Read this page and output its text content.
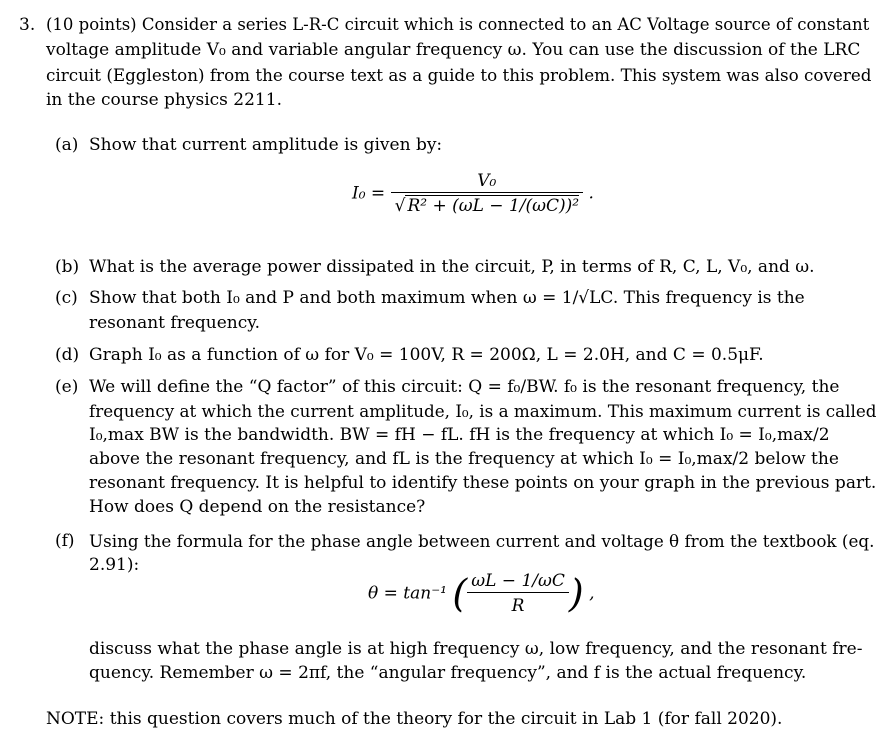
3. (10 points) Consider a series L-R-C circuit which is connected to an AC Voltage source of constant
voltage amplitude V₀ and variable angular frequency ω. You can use the discussion of the LRC
circuit (Eggleston) from the course text as a guide to this problem. This system was also covered
in the course physics 2211.
(a) Show that current amplitude is given by:
$I_0 = \frac{\text{V₀}}{\text{√ R² + (ωL − 1/(ωC))²}}$ .
(b) What is the average power dissipated in the circuit, P, in terms of R, C, L, V₀, and ω.
(c) Show that both I₀ and P and both maximum when ω = 1/√LC. This frequency is the
resonant frequency.
(d) Graph I₀ as a function of ω for V₀ = 100V, R = 200Ω, L = 2.0H, and C = 0.5μF.
(e) We will define the “Q factor” of this circuit: Q = f₀/BW. f₀ is the resonant frequency, the
frequency at which the current amplitude, I₀, is a maximum. This maximum current is called
I₀,max BW is the bandwidth. BW = fH − fL. fH is the frequency at which I₀ = I₀,max/2
above the resonant frequency, and fL is the frequency at which I₀ = I₀,max/2 below the
resonant frequency. It is helpful to identify these points on your graph in the previous part.
How does Q depend on the resistance?
(f) Using the formula for the phase angle between current and voltage θ from the textbook (eq.
2.91):
θ = tan⁻¹ ( $\frac{\omega L - 1/\omega C}{R}$ ) ,
discuss what the phase angle is at high frequency ω, low frequency, and the resonant fre-
quency. Remember ω = 2πf, the “angular frequency”, and f is the actual frequency.
NOTE: this question covers much of the theory for the circuit in Lab 1 (for fall 2020).
